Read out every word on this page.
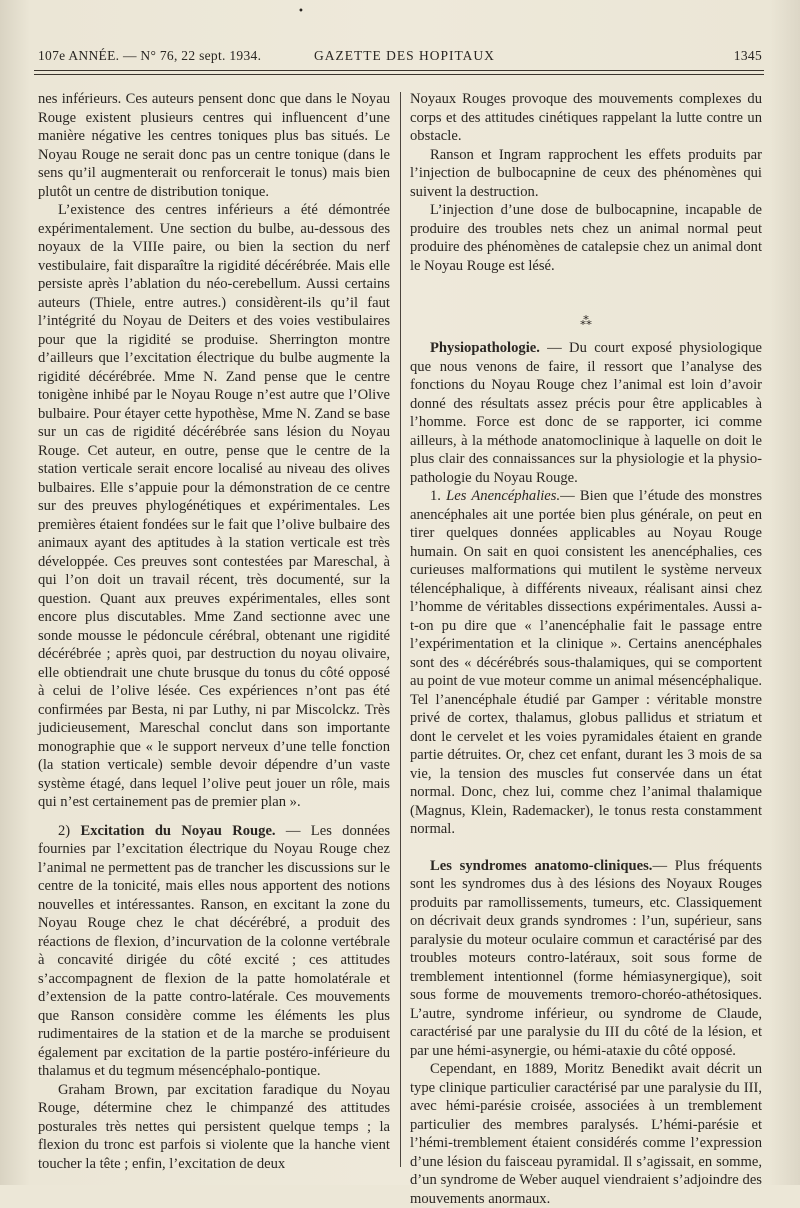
•
107e ANNÉE. — N° 76, 22 sept. 1934.	GAZETTE DES HOPITAUX	1345

nes inférieurs. Ces auteurs pensent donc que dans le Noyau Rouge existent plusieurs centres qui influencent d’une manière négative les centres toniques plus bas situés. Le Noyau Rouge ne serait donc pas un centre tonique (dans le sens qu’il augmenterait ou renforcerait le tonus) mais bien plutôt un centre de distribution tonique.

L’existence des centres inférieurs a été démontrée expérimentalement. Une section du bulbe, au-dessous des noyaux de la VIIIe paire, ou bien la section du nerf vestibulaire, fait disparaître la rigidité décérébrée. Mais elle persiste après l’ablation du néo-cerebellum. Aussi certains auteurs (Thiele, entre autres.) considèrent-ils qu’il faut l’intégrité du Noyau de Deiters et des voies vestibulaires pour que la rigidité se produise. Sherrington montre d’ailleurs que l’excitation électrique du bulbe augmente la rigidité décérébrée. Mme N. Zand pense que le centre tonigène inhibé par le Noyau Rouge n’est autre que l’Olive bulbaire. Pour étayer cette hypothèse, Mme N. Zand se base sur un cas de rigidité décérébrée sans lésion du Noyau Rouge. Cet auteur, en outre, pense que le centre de la station verticale serait encore localisé au niveau des olives bulbaires. Elle s’appuie pour la démonstration de ce centre sur des preuves phylogénétiques et expérimentales. Les premières étaient fondées sur le fait que l’olive bulbaire des animaux ayant des aptitudes à la station verticale est très développée. Ces preuves sont contestées par Mareschal, à qui l’on doit un travail récent, très documenté, sur la question. Quant aux preuves expérimentales, elles sont encore plus discutables. Mme Zand sectionne avec une sonde mousse le pédoncule cérébral, obtenant une rigidité décérébrée ; après quoi, par destruction du noyau olivaire, elle obtiendrait une chute brusque du tonus du côté opposé à celui de l’olive lésée. Ces expériences n’ont pas été confirmées par Besta, ni par Luthy, ni par Miscolckz. Très judicieusement, Mareschal conclut dans son importante monographie que « le support nerveux d’une telle fonction (la station verticale) semble devoir dépendre d’un vaste système étagé, dans lequel l’olive peut jouer un rôle, mais qui n’est certainement pas de premier plan ».

2) Excitation du Noyau Rouge. — Les données fournies par l’excitation électrique du Noyau Rouge chez l’animal ne permettent pas de trancher les discussions sur le centre de la tonicité, mais elles nous apportent des notions nouvelles et intéressantes. Ranson, en excitant la zone du Noyau Rouge chez le chat décérébré, a produit des réactions de flexion, d’incurvation de la colonne vertébrale à concavité dirigée du côté excité ; ces attitudes s’accompagnent de flexion de la patte homolatérale et d’extension de la patte contro-latérale. Ces mouvements que Ranson considère comme les éléments les plus rudimentaires de la station et de la marche se produisent également par excitation de la partie postéro-inférieure du thalamus et du tegmum mésencéphalo-pontique.

Graham Brown, par excitation faradique du Noyau Rouge, détermine chez le chimpanzé des attitudes posturales très nettes qui persistent quelque temps ; la flexion du tronc est parfois si violente que la hanche vient toucher la tête ; enfin, l’excitation de deux

Noyaux Rouges provoque des mouvements complexes du corps et des attitudes cinétiques rappelant la lutte contre un obstacle.

Ranson et Ingram rapprochent les effets produits par l’injection de bulbocapnine de ceux des phénomènes qui suivent la destruction.

L’injection d’une dose de bulbocapnine, incapable de produire des troubles nets chez un animal normal peut produire des phénomènes de catalepsie chez un animal dont le Noyau Rouge est lésé.

⁂

Physiopathologie. — Du court exposé physiologique que nous venons de faire, il ressort que l’analyse des fonctions du Noyau Rouge chez l’animal est loin d’avoir donné des résultats assez précis pour être applicables à l’homme. Force est donc de se rapporter, ici comme ailleurs, à la méthode anatomoclinique à laquelle on doit le plus clair des connaissances sur la physiologie et la physio-pathologie du Noyau Rouge.

1. Les Anencéphalies.— Bien que l’étude des monstres anencéphales ait une portée bien plus générale, on peut en tirer quelques données applicables au Noyau Rouge humain. On sait en quoi consistent les anencéphalies, ces curieuses malformations qui mutilent le système nerveux télencéphalique, à différents niveaux, réalisant ainsi chez l’homme de véritables dissections expérimentales. Aussi a-t-on pu dire que « l’anencéphalie fait le passage entre l’expérimentation et la clinique ». Certains anencéphales sont des « décérébrés sous-thalamiques, qui se comportent au point de vue moteur comme un animal mésencéphalique. Tel l’anencéphale étudié par Gamper : véritable monstre privé de cortex, thalamus, globus pallidus et striatum et dont le cervelet et les voies pyramidales étaient en grande partie détruites. Or, chez cet enfant, durant les 3 mois de sa vie, la tension des muscles fut conservée dans un état normal. Donc, chez lui, comme chez l’animal thalamique (Magnus, Klein, Rademacker), le tonus resta constamment normal.

Les syndromes anatomo-cliniques.— Plus fréquents sont les syndromes dus à des lésions des Noyaux Rouges produits par ramollissements, tumeurs, etc. Classiquement on décrivait deux grands syndromes : l’un, supérieur, sans paralysie du moteur oculaire commun et caractérisé par des troubles moteurs contro-latéraux, soit sous forme de tremblement intentionnel (forme hémiasynergique), soit sous forme de mouvements tremoro-choréo-athétosiques. L’autre, syndrome inférieur, ou syndrome de Claude, caractérisé par une paralysie du III du côté de la lésion, et par une hémi-asynergie, ou hémi-ataxie du côté opposé.

Cependant, en 1889, Moritz Benedikt avait décrit un type clinique particulier caractérisé par une paralysie du III, avec hémi-parésie croisée, associées à un tremblement particulier des membres paralysés. L’hémi-parésie et l’hémi-tremblement étaient considérés comme l’expression d’une lésion du faisceau pyramidal. Il s’agissait, en somme, d’un syndrome de Weber auquel viendraient s’adjoindre des mouvements anormaux.
